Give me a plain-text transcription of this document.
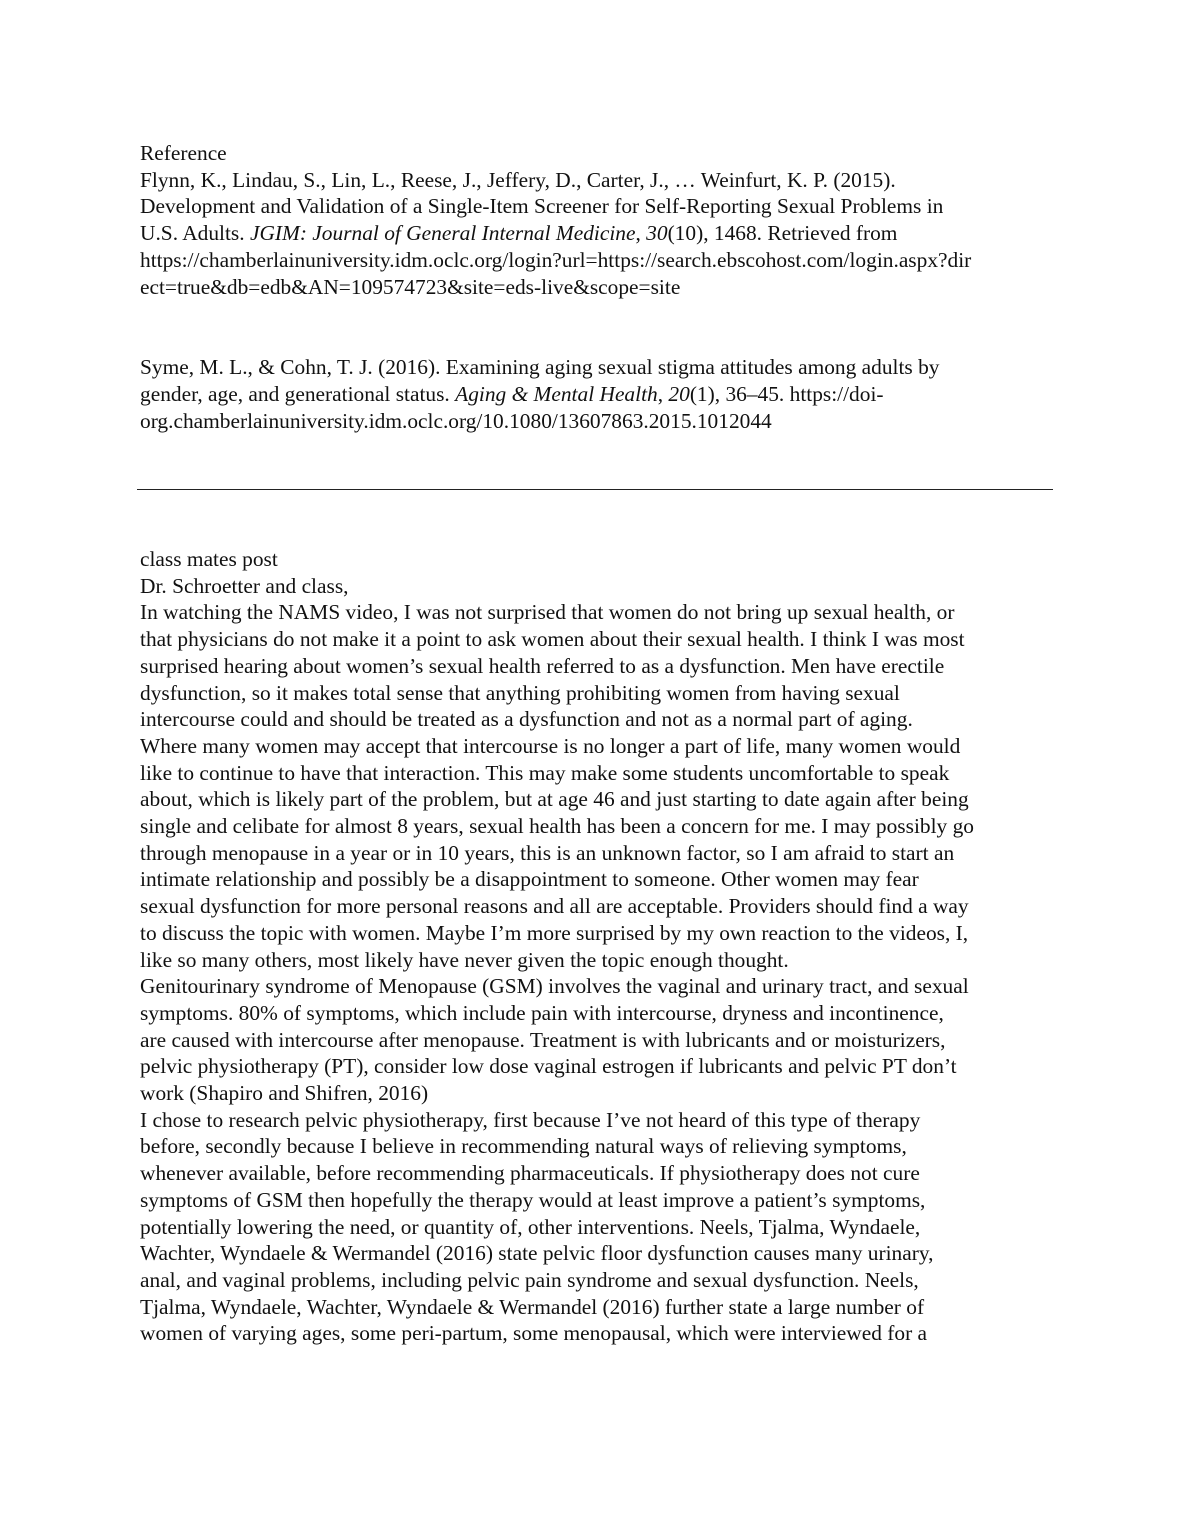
Reference
Flynn, K., Lindau, S., Lin, L., Reese, J., Jeffery, D., Carter, J., … Weinfurt, K. P. (2015).
Development and Validation of a Single-Item Screener for Self-Reporting Sexual Problems in
U.S. Adults. JGIM: Journal of General Internal Medicine, 30(10), 1468. Retrieved from
https://chamberlainuniversity.idm.oclc.org/login?url=https://search.ebscohost.com/login.aspx?dir
ect=true&db=edb&AN=109574723&site=eds-live&scope=site
Syme, M. L., & Cohn, T. J. (2016). Examining aging sexual stigma attitudes among adults by
gender, age, and generational status. Aging & Mental Health, 20(1), 36–45. https://doi-
org.chamberlainuniversity.idm.oclc.org/10.1080/13607863.2015.1012044
class mates post
Dr. Schroetter and class,
In watching the NAMS video, I was not surprised that women do not bring up sexual health, or
that physicians do not make it a point to ask women about their sexual health. I think I was most
surprised hearing about women’s sexual health referred to as a dysfunction. Men have erectile
dysfunction, so it makes total sense that anything prohibiting women from having sexual
intercourse could and should be treated as a dysfunction and not as a normal part of aging.
Where many women may accept that intercourse is no longer a part of life, many women would
like to continue to have that interaction. This may make some students uncomfortable to speak
about, which is likely part of the problem, but at age 46 and just starting to date again after being
single and celibate for almost 8 years, sexual health has been a concern for me. I may possibly go
through menopause in a year or in 10 years, this is an unknown factor, so I am afraid to start an
intimate relationship and possibly be a disappointment to someone. Other women may fear
sexual dysfunction for more personal reasons and all are acceptable. Providers should find a way
to discuss the topic with women. Maybe I’m more surprised by my own reaction to the videos, I,
like so many others, most likely have never given the topic enough thought.
Genitourinary syndrome of Menopause (GSM) involves the vaginal and urinary tract, and sexual
symptoms. 80% of symptoms, which include pain with intercourse, dryness and incontinence,
are caused with intercourse after menopause. Treatment is with lubricants and or moisturizers,
pelvic physiotherapy (PT), consider low dose vaginal estrogen if lubricants and pelvic PT don’t
work (Shapiro and Shifren, 2016)
I chose to research pelvic physiotherapy, first because I’ve not heard of this type of therapy
before, secondly because I believe in recommending natural ways of relieving symptoms,
whenever available, before recommending pharmaceuticals. If physiotherapy does not cure
symptoms of GSM then hopefully the therapy would at least improve a patient’s symptoms,
potentially lowering the need, or quantity of, other interventions. Neels, Tjalma, Wyndaele,
Wachter, Wyndaele & Wermandel (2016) state pelvic floor dysfunction causes many urinary,
anal, and vaginal problems, including pelvic pain syndrome and sexual dysfunction. Neels,
Tjalma, Wyndaele, Wachter, Wyndaele & Wermandel (2016) further state a large number of
women of varying ages, some peri-partum, some menopausal, which were interviewed for a
